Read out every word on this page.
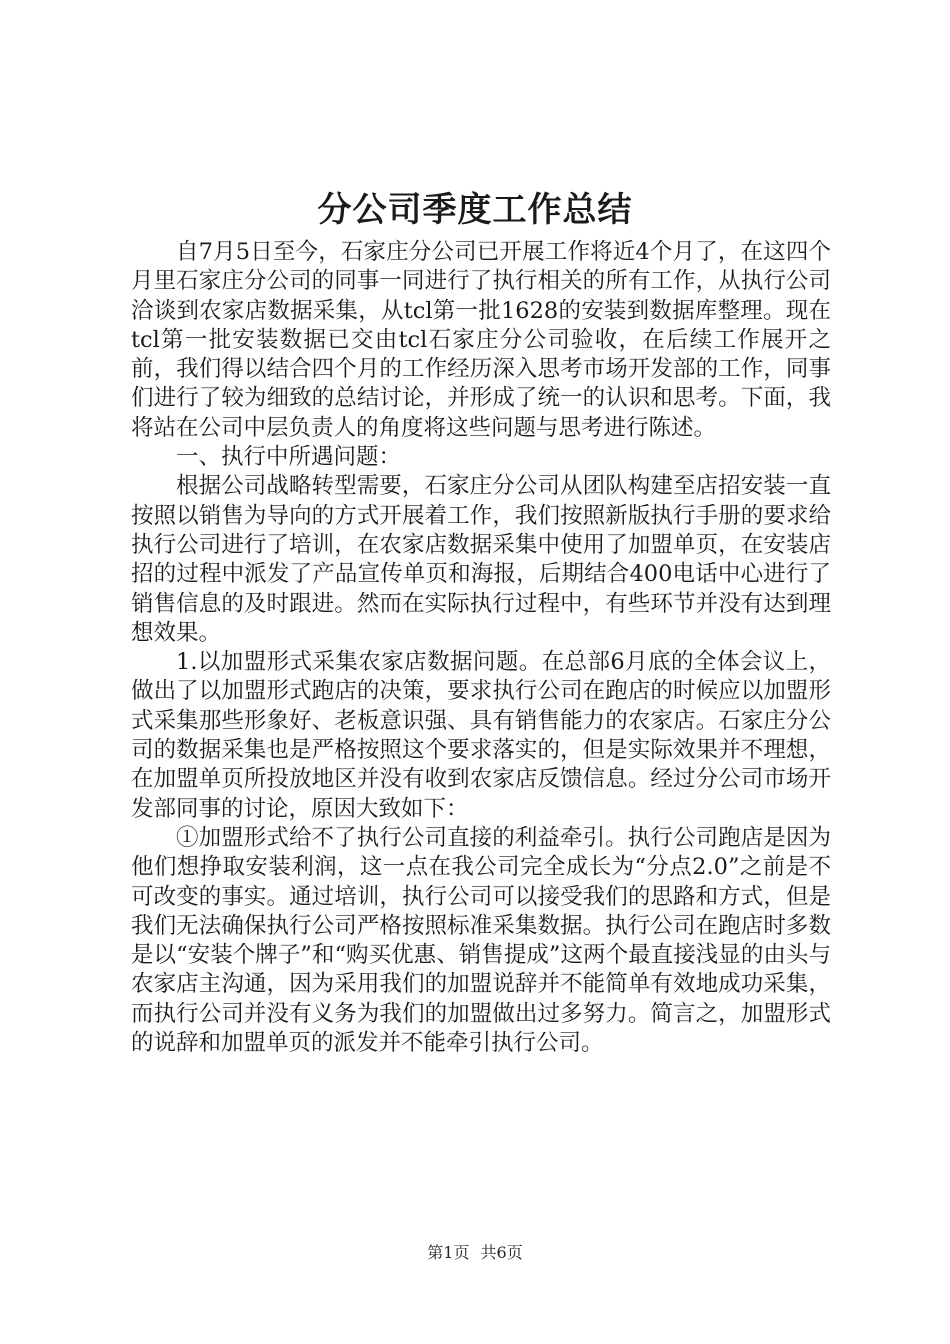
分公司季度工作总结

自7月5日至今，石家庄分公司已开展工作将近4个月了，在这四个月里石家庄分公司的同事一同进行了执行相关的所有工作，从执行公司洽谈到农家店数据采集，从tcl第一批1628的安装到数据库整理。现在tcl第一批安装数据已交由tcl石家庄分公司验收，在后续工作展开之前，我们得以结合四个月的工作经历深入思考市场开发部的工作，同事们进行了较为细致的总结讨论，并形成了统一的认识和思考。下面，我将站在公司中层负责人的角度将这些问题与思考进行陈述。

一、执行中所遇问题：

根据公司战略转型需要，石家庄分公司从团队构建至店招安装一直按照以销售为导向的方式开展着工作，我们按照新版执行手册的要求给执行公司进行了培训，在农家店数据采集中使用了加盟单页，在安装店招的过程中派发了产品宣传单页和海报，后期结合400电话中心进行了销售信息的及时跟进。然而在实际执行过程中，有些环节并没有达到理想效果。

1.以加盟形式采集农家店数据问题。在总部6月底的全体会议上，做出了以加盟形式跑店的决策，要求执行公司在跑店的时候应以加盟形式采集那些形象好、老板意识强、具有销售能力的农家店。石家庄分公司的数据采集也是严格按照这个要求落实的，但是实际效果并不理想，在加盟单页所投放地区并没有收到农家店反馈信息。经过分公司市场开发部同事的讨论，原因大致如下：

①加盟形式给不了执行公司直接的利益牵引。执行公司跑店是因为他们想挣取安装利润，这一点在我公司完全成长为“分点2.0”之前是不可改变的事实。通过培训，执行公司可以接受我们的思路和方式，但是我们无法确保执行公司严格按照标准采集数据。执行公司在跑店时多数是以“安装个牌子”和“购买优惠、销售提成”这两个最直接浅显的由头与农家店主沟通，因为采用我们的加盟说辞并不能简单有效地成功采集，而执行公司并没有义务为我们的加盟做出过多努力。简言之，加盟形式的说辞和加盟单页的派发并不能牵引执行公司。

第1页 共6页
